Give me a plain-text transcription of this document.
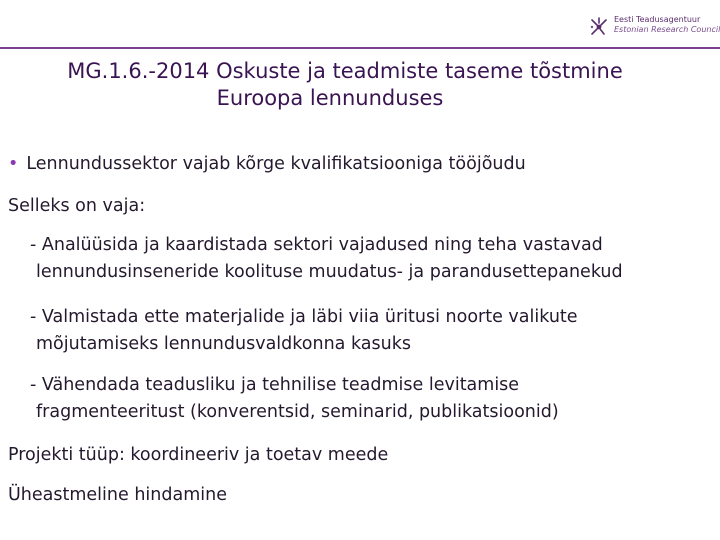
Eesti Teadusagentuur
Estonian Research Council
MG.1.6.-2014 Oskuste ja teadmiste taseme tõstmine
Euroopa lennunduses
• Lennundussektor vajab kõrge kvalifikatsiooniga tööjõudu
Selleks on vaja:
- Analüüsida ja kaardistada sektori vajadused ning teha vastavad
lennundusinseneride koolituse muudatus- ja parandusettepanekud
- Valmistada ette materjalide ja läbi viia üritusi noorte valikute
mõjutamiseks lennundusvaldkonna kasuks
- Vähendada teadusliku ja tehnilise teadmise levitamise
fragmenteeritust (konverentsid, seminarid, publikatsioonid)
Projekti tüüp: koordineeriv ja toetav meede
Üheastmeline hindamine
